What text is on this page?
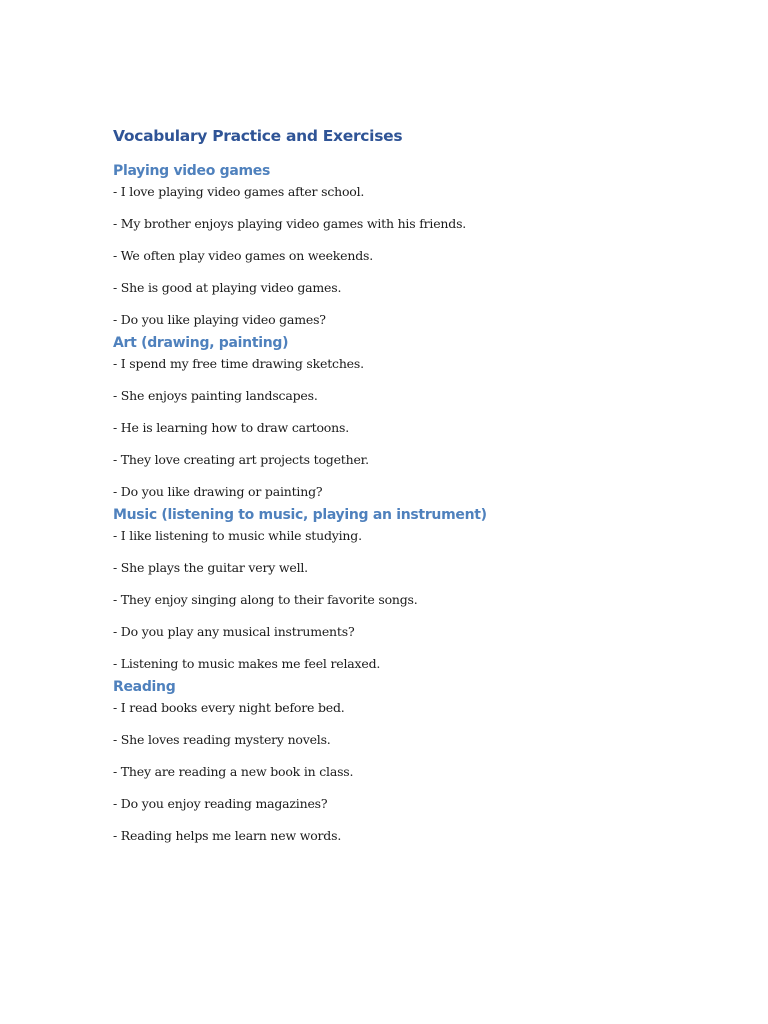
Vocabulary Practice and Exercises
Playing video games
- I love playing video games after school.
- My brother enjoys playing video games with his friends.
- We often play video games on weekends.
- She is good at playing video games.
- Do you like playing video games?
Art (drawing, painting)
- I spend my free time drawing sketches.
- She enjoys painting landscapes.
- He is learning how to draw cartoons.
- They love creating art projects together.
- Do you like drawing or painting?
Music (listening to music, playing an instrument)
- I like listening to music while studying.
- She plays the guitar very well.
- They enjoy singing along to their favorite songs.
- Do you play any musical instruments?
- Listening to music makes me feel relaxed.
Reading
- I read books every night before bed.
- She loves reading mystery novels.
- They are reading a new book in class.
- Do you enjoy reading magazines?
- Reading helps me learn new words.
